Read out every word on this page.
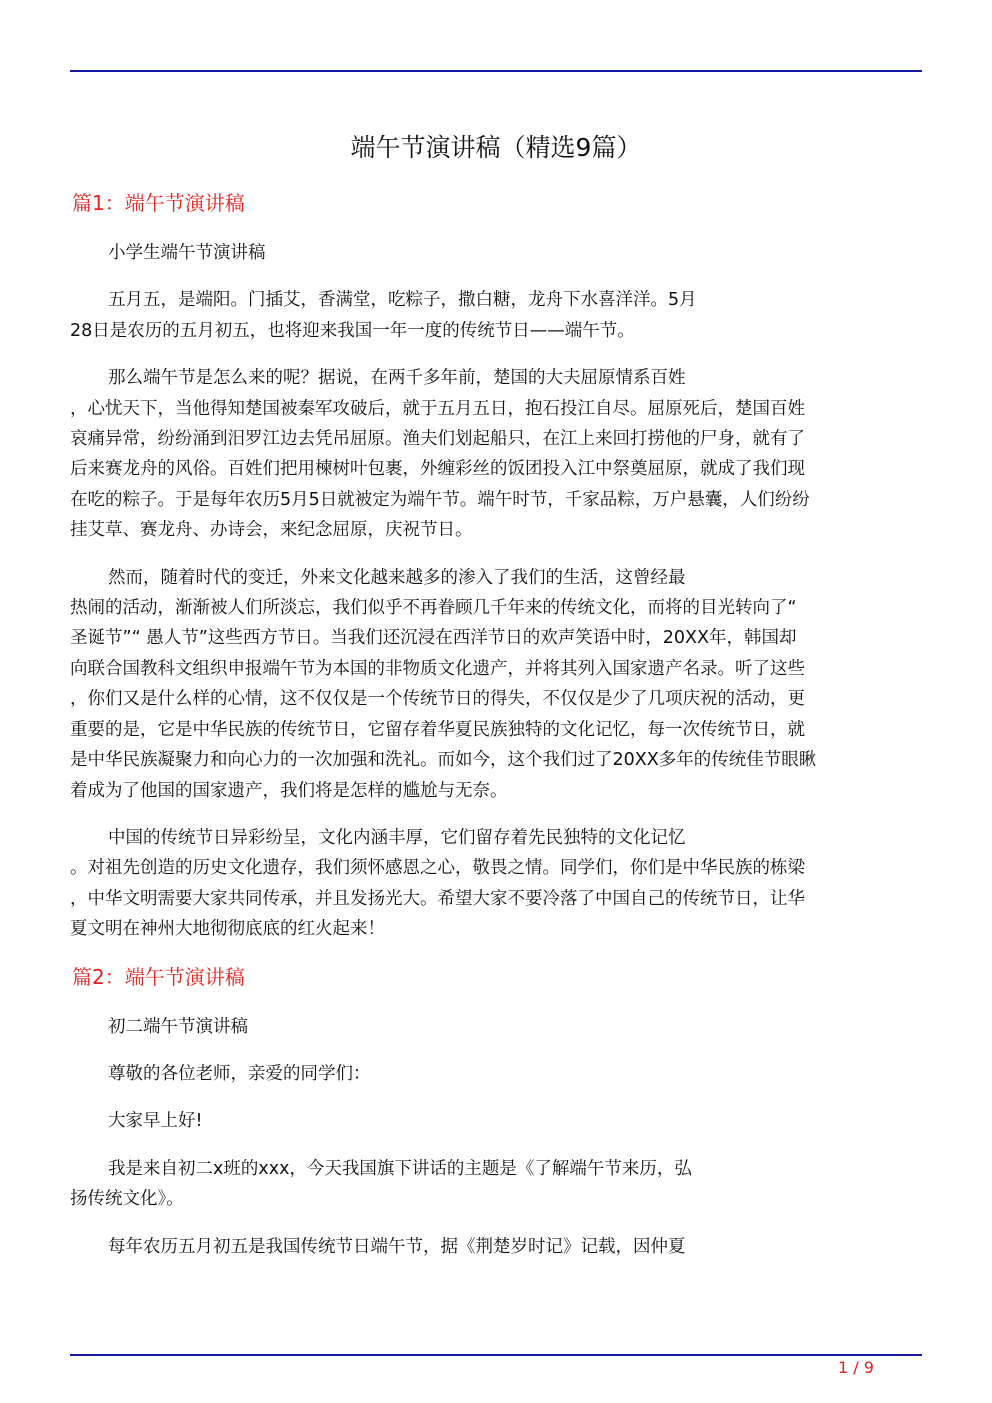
端午节演讲稿（精选9篇）
篇1：端午节演讲稿
小学生端午节演讲稿
五月五，是端阳。门插艾，香满堂，吃粽子，撒白糖，龙舟下水喜洋洋。5月
28日是农历的五月初五，也将迎来我国一年一度的传统节日——端午节。
那么端午节是怎么来的呢？据说，在两千多年前，楚国的大夫屈原情系百姓
，心忧天下，当他得知楚国被秦军攻破后，就于五月五日，抱石投江自尽。屈原死后，楚国百姓
哀痛异常，纷纷涌到汨罗江边去凭吊屈原。渔夫们划起船只，在江上来回打捞他的尸身，就有了
后来赛龙舟的风俗。百姓们把用楝树叶包裹，外缠彩丝的饭团投入江中祭奠屈原，就成了我们现
在吃的粽子。于是每年农历5月5日就被定为端午节。端午时节，千家品粽，万户悬囊，人们纷纷
挂艾草、赛龙舟、办诗会，来纪念屈原，庆祝节日。
然而，随着时代的变迁，外来文化越来越多的渗入了我们的生活，这曾经最
热闹的活动，渐渐被人们所淡忘，我们似乎不再眷顾几千年来的传统文化，而将的目光转向了“
圣诞节”“ 愚人节”这些西方节日。当我们还沉浸在西洋节日的欢声笑语中时，20XX年，韩国却
向联合国教科文组织申报端午节为本国的非物质文化遗产，并将其列入国家遗产名录。听了这些
，你们又是什么样的心情，这不仅仅是一个传统节日的得失，不仅仅是少了几项庆祝的活动，更
重要的是，它是中华民族的传统节日，它留存着华夏民族独特的文化记忆，每一次传统节日，就
是中华民族凝聚力和向心力的一次加强和洗礼。而如今，这个我们过了20XX多年的传统佳节眼瞅
着成为了他国的国家遗产，我们将是怎样的尴尬与无奈。
中国的传统节日异彩纷呈，文化内涵丰厚，它们留存着先民独特的文化记忆
。对祖先创造的历史文化遗存，我们须怀感恩之心，敬畏之情。同学们，你们是中华民族的栋梁
，中华文明需要大家共同传承，并且发扬光大。希望大家不要冷落了中国自己的传统节日，让华
夏文明在神州大地彻彻底底的红火起来！
篇2：端午节演讲稿
初二端午节演讲稿
尊敬的各位老师，亲爱的同学们：
大家早上好!
我是来自初二x班的xxx，今天我国旗下讲话的主题是《了解端午节来历，弘
扬传统文化》。
每年农历五月初五是我国传统节日端午节，据《荆楚岁时记》记载，因仲夏
1 / 9
